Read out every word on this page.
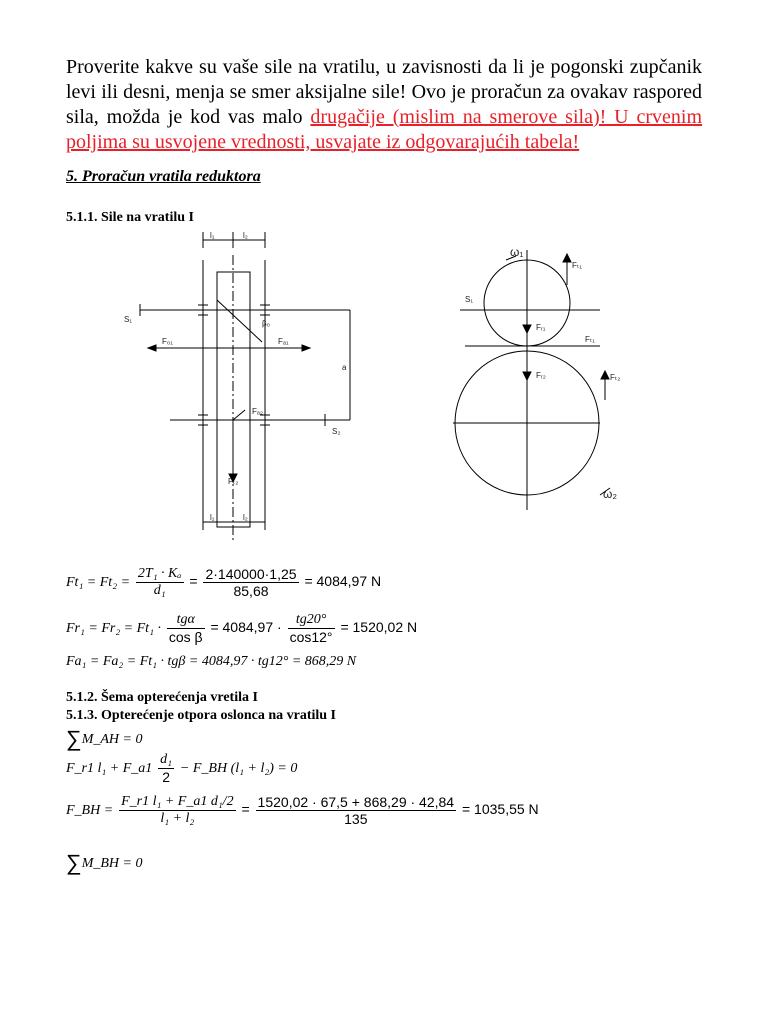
Proverite kakve su vaše sile na vratilu, u zavisnosti da li je pogonski zupčanik levi ili desni, menja se smer aksijalne sile! Ovo je proračun za ovakav raspored sila, možda je kod vas malo drugačije (mislim na smerove sila)! U crvenim poljima su usvojene vrednosti, usvajate iz odgovarajućih tabela!
5. Proračun vratila reduktora
5.1.1. Sile na vratilu I
l₁	l₂
l₁	l₂
S₁
S₂
a
β₀
F₀₁	Fₐ₁
Fₐ₂
Fₜ₂
ω₁
ω₂
Fₜ₁
Fᵣ₁
Fᵣ₂
S₁
Fₜ₁
Fₜ₂
$Ft_1 = Ft_2 = \frac{\text{2T₁ · Kₐ}}{\text{d₁}} = \frac{2\cdot 140000\cdot 1,25}{85,68} = 4084,97$ N
$Fr_1 = Fr_2 = Ft_1 \cdot \frac{\text{tgα}}{\text{cos β}} = 4084,97 \cdot \frac{tg20^\circ}{\cos 12^\circ} = 1520,02$ N
Fa₁ = Fa₂ = Ft₁ · tgβ = 4084,97 · tg12° = 868,29 N
5.1.2. Šema opterećenja vretila I
5.1.3. Opterećenje otpora oslonca na vratilu I
∑M_AH = 0
F_r1 l₁ + F_a1 $\frac{\text{d₁}}{2}$ − F_BH (l₁ + l₂) = 0
F_BH = $\frac{\text{F\_r1 l₁ + F\_a1 d₁/2}}{\text{l₁ + l₂}} = \frac{1520,02 \cdot 67,5 + 868,29 \cdot 42,84}{135} = 1035,55$ N
∑M_BH = 0
